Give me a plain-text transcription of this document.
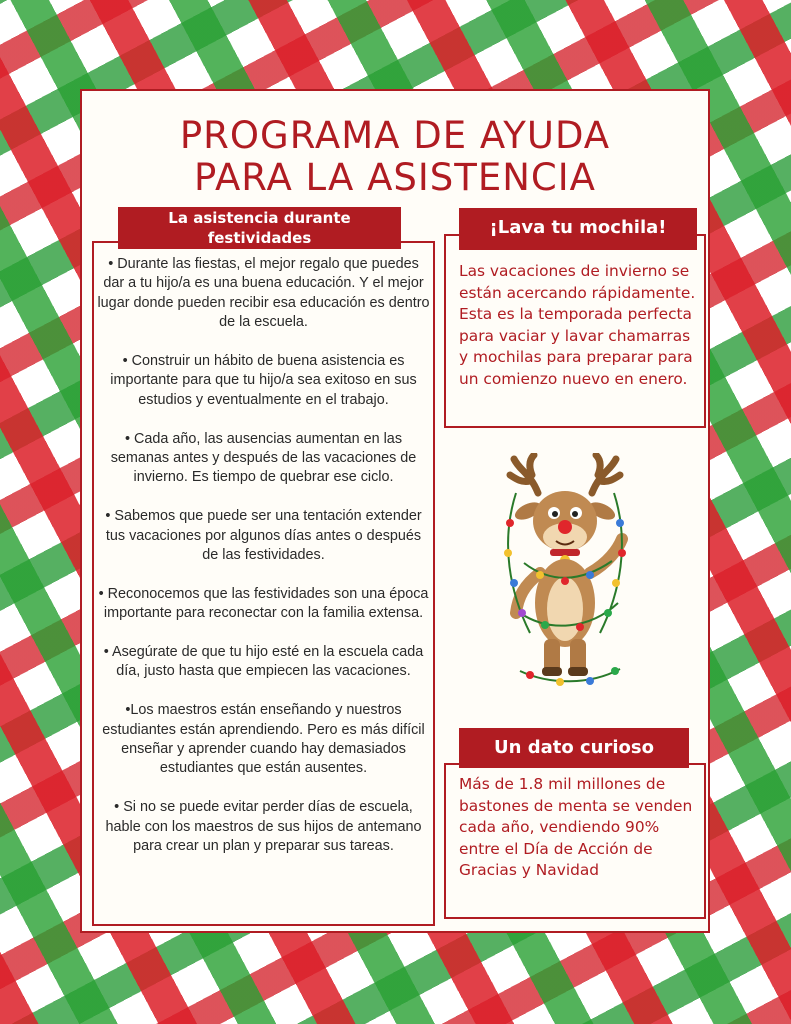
PROGRAMA DE AYUDA
PARA LA ASISTENCIA
La asistencia durante festividades
• Durante las fiestas, el mejor regalo que puedes dar a tu hijo/a es una buena educación. Y el mejor lugar donde pueden recibir esa educación es dentro de la escuela.
• Construir un hábito de buena asistencia es importante para que tu hijo/a sea exitoso en sus estudios y eventualmente en el trabajo.
• Cada año, las ausencias aumentan en las semanas antes y después de las vacaciones de invierno. Es tiempo de quebrar ese ciclo.
• Sabemos que puede ser una tentación extender tus vacaciones por algunos días antes o después de las festividades.
• Reconocemos que las festividades son una época importante para reconectar con la familia extensa.
• Asegúrate de que tu hijo esté en la escuela cada día, justo hasta que empiecen las vacaciones.
•Los maestros están enseñando y nuestros estudiantes están aprendiendo. Pero es más difícil enseñar y aprender cuando hay demasiados estudiantes que están ausentes.
• Si no se puede evitar perder días de escuela, hable con los maestros de sus hijos de antemano para crear un plan y preparar sus tareas.
¡Lava tu mochila!

Las vacaciones de invierno se están acercando rápidamente. Esta es la temporada perfecta para vaciar y lavar chamarras y mochilas para preparar para un comienzo nuevo en enero.

Un dato curioso

Más de 1.8 mil millones de bastones de menta se venden cada año, vendiendo 90% entre el Día de Acción de Gracias y Navidad
